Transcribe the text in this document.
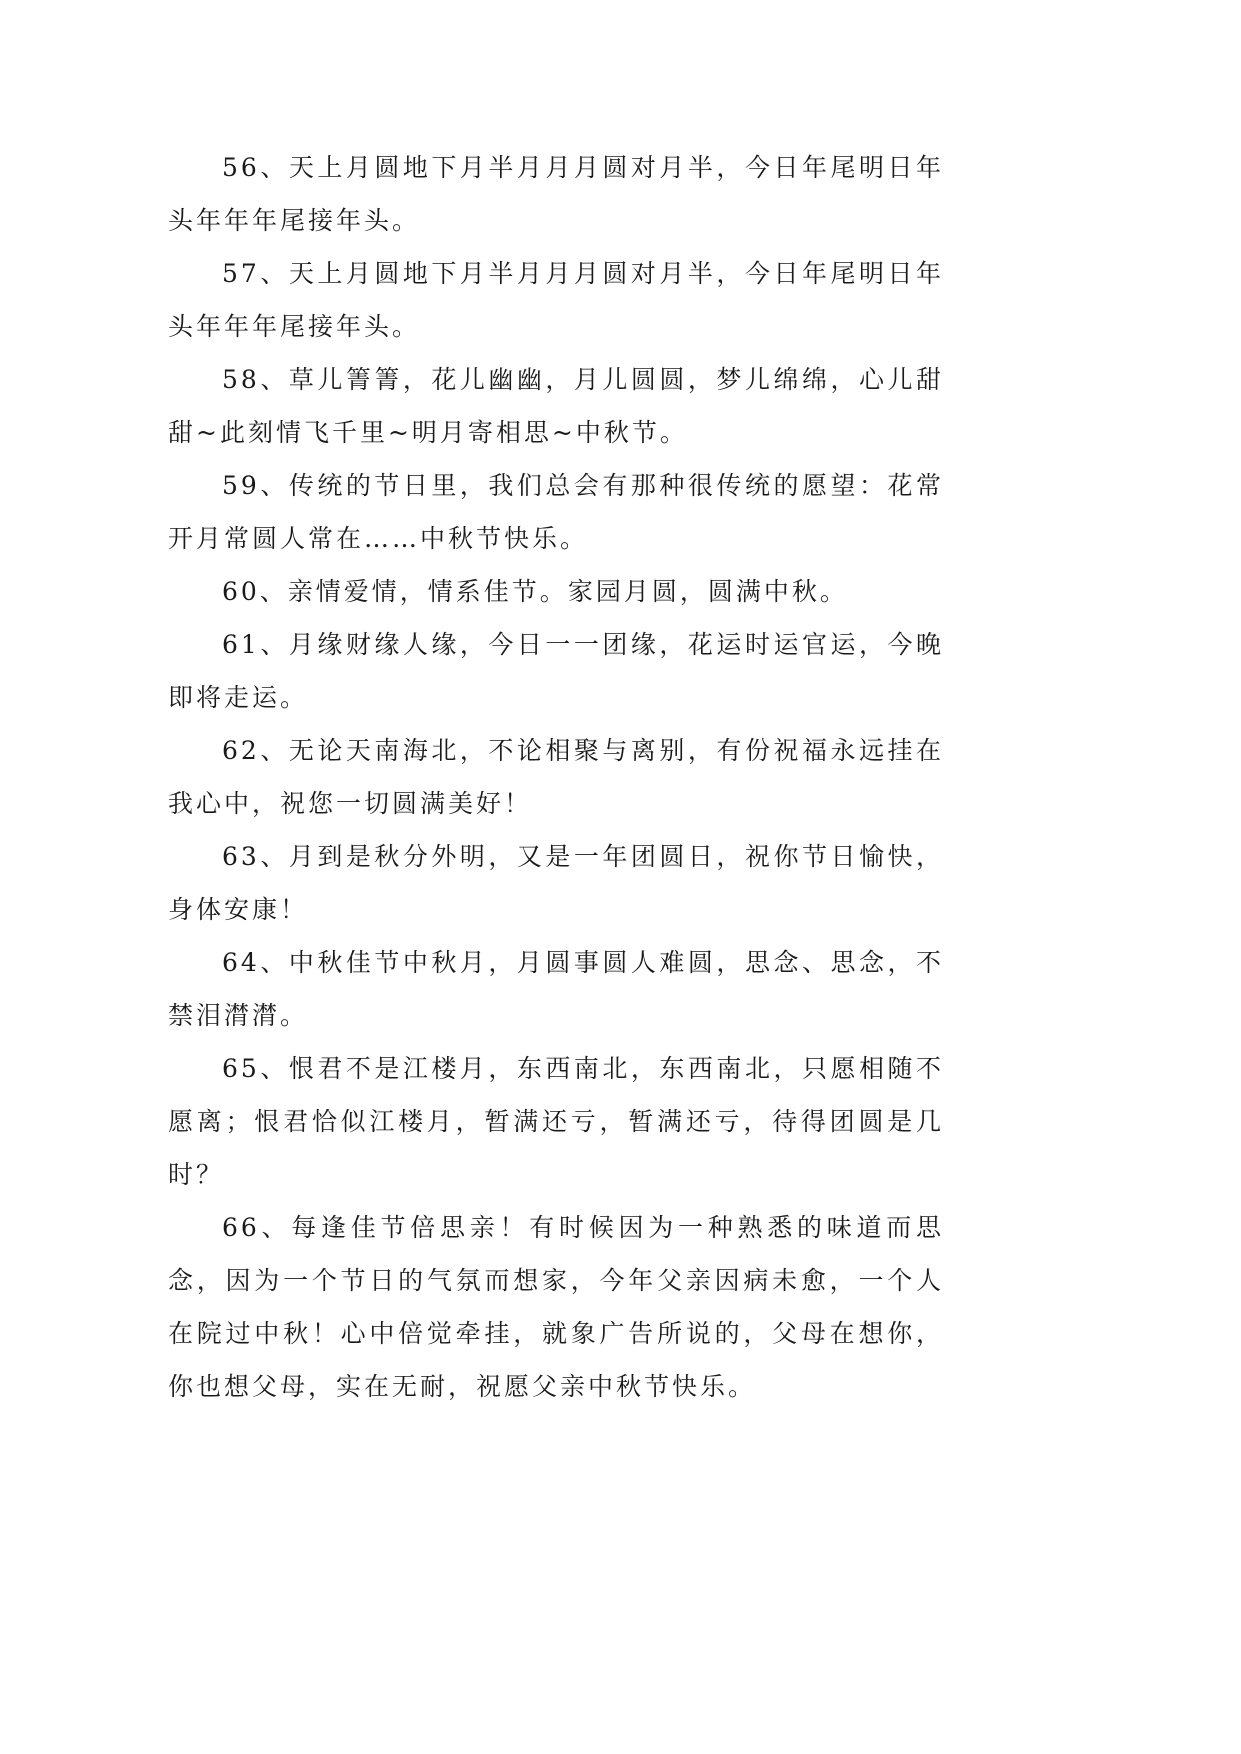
56、天上月圆地下月半月月月圆对月半，今日年尾明日年头年年年尾接年头。

57、天上月圆地下月半月月月圆对月半，今日年尾明日年头年年年尾接年头。

58、草儿箐箐，花儿幽幽，月儿圆圆，梦儿绵绵，心儿甜甜~此刻情飞千里~明月寄相思~中秋节。

59、传统的节日里，我们总会有那种很传统的愿望：花常开月常圆人常在……中秋节快乐。

60、亲情爱情，情系佳节。家园月圆，圆满中秋。

61、月缘财缘人缘，今日一一团缘，花运时运官运，今晚即将走运。

62、无论天南海北，不论相聚与离别，有份祝福永远挂在我心中，祝您一切圆满美好！

63、月到是秋分外明，又是一年团圆日，祝你节日愉快，身体安康！

64、中秋佳节中秋月，月圆事圆人难圆，思念、思念，不禁泪潸潸。

65、恨君不是江楼月，东西南北，东西南北，只愿相随不愿离；恨君恰似江楼月，暂满还亏，暂满还亏，待得团圆是几时？

66、每逢佳节倍思亲！有时候因为一种熟悉的味道而思念，因为一个节日的气氛而想家，今年父亲因病未愈，一个人在院过中秋！心中倍觉牵挂，就象广告所说的，父母在想你，你也想父母，实在无耐，祝愿父亲中秋节快乐。
